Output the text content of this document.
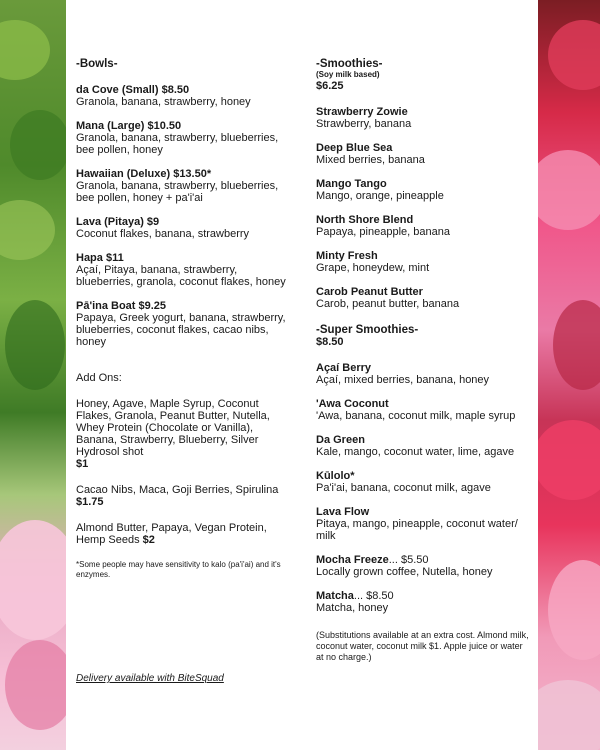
-Bowls-
da Cove (Small) $8.50
Granola, banana, strawberry, honey
Mana (Large) $10.50
Granola, banana, strawberry, blueberries, bee pollen, honey
Hawaiian (Deluxe) $13.50*
Granola, banana, strawberry, blueberries, bee pollen, honey + pa'i'ai
Lava (Pitaya) $9
Coconut flakes, banana, strawberry
Hapa $11
Açaí, Pitaya, banana, strawberry, blueberries, granola, coconut flakes, honey
Pā'ina Boat $9.25
Papaya, Greek yogurt, banana, strawberry, blueberries, coconut flakes, cacao nibs, honey
Add Ons:
Honey, Agave, Maple Syrup, Coconut Flakes, Granola, Peanut Butter, Nutella, Whey Protein (Chocolate or Vanilla), Banana, Strawberry, Blueberry, Silver Hydrosol shot
$1
Cacao Nibs, Maca, Goji Berries, Spirulina
$1.75
Almond Butter, Papaya, Vegan Protein, Hemp Seeds $2
*Some people may have sensitivity to kalo (pa'i'ai) and it's enzymes.
Delivery available with BiteSquad
-Smoothies-
(Soy milk based)
$6.25
Strawberry Zowie
Strawberry, banana
Deep Blue Sea
Mixed berries, banana
Mango Tango
Mango, orange, pineapple
North Shore Blend
Papaya, pineapple, banana
Minty Fresh
Grape, honeydew, mint
Carob Peanut Butter
Carob, peanut butter, banana
-Super Smoothies-
$8.50
Açaí Berry
Açaí, mixed berries, banana, honey
'Awa Coconut
'Awa, banana, coconut milk, maple syrup
Da Green
Kale, mango, coconut water, lime, agave
Kūlolo*
Pa'i'ai, banana, coconut milk, agave
Lava Flow
Pitaya, mango, pineapple, coconut water/ milk
Mocha Freeze... $5.50
Locally grown coffee, Nutella, honey
Matcha... $8.50
Matcha, honey
(Substitutions available at an extra cost. Almond milk, coconut water, coconut milk $1. Apple juice or water at no charge.)
